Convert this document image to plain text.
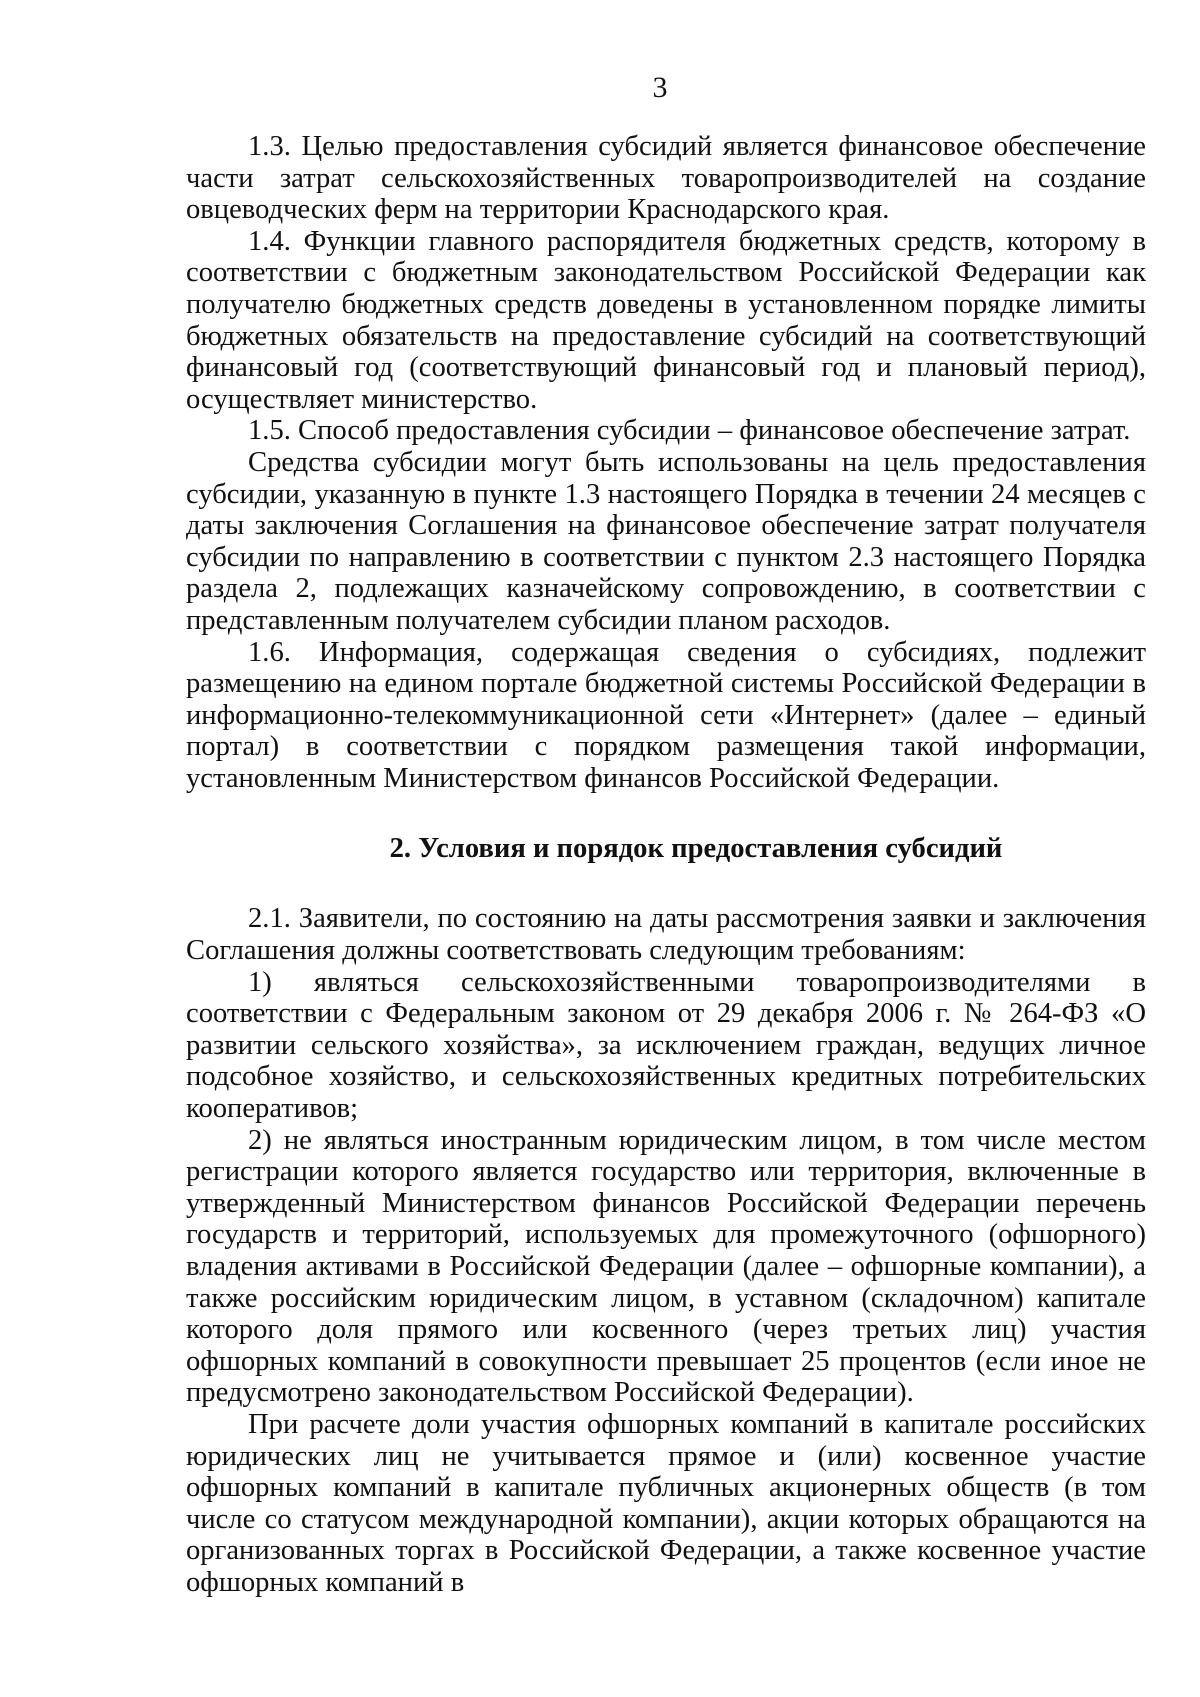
3

1.3. Целью предоставления субсидий является финансовое обеспечение части затрат сельскохозяйственных товаропроизводителей на создание овцеводческих ферм на территории Краснодарского края.

1.4. Функции главного распорядителя бюджетных средств, которому в соответствии с бюджетным законодательством Российской Федерации как получателю бюджетных средств доведены в установленном порядке лимиты бюджетных обязательств на предоставление субсидий на соответствующий финансовый год (соответствующий финансовый год и плановый период), осуществляет министерство.

1.5. Способ предоставления субсидии – финансовое обеспечение затрат.

Средства субсидии могут быть использованы на цель предоставления субсидии, указанную в пункте 1.3 настоящего Порядка в течении 24 месяцев с даты заключения Соглашения на финансовое обеспечение затрат получателя субсидии по направлению в соответствии с пунктом 2.3 настоящего Порядка раздела 2, подлежащих казначейскому сопровождению, в соответствии с представленным получателем субсидии планом расходов.

1.6. Информация, содержащая сведения о субсидиях, подлежит размещению на едином портале бюджетной системы Российской Федерации в информационно-телекоммуникационной сети «Интернет» (далее – единый портал) в соответствии с порядком размещения такой информации, установленным Министерством финансов Российской Федерации.

2. Условия и порядок предоставления субсидий

2.1. Заявители, по состоянию на даты рассмотрения заявки и заключения Соглашения должны соответствовать следующим требованиям:

1) являться сельскохозяйственными товаропроизводителями в соответствии с Федеральным законом от 29 декабря 2006 г. № 264-ФЗ «О развитии сельского хозяйства», за исключением граждан, ведущих личное подсобное хозяйство, и сельскохозяйственных кредитных потребительских кооперативов;

2) не являться иностранным юридическим лицом, в том числе местом регистрации которого является государство или территория, включенные в утвержденный Министерством финансов Российской Федерации перечень государств и территорий, используемых для промежуточного (офшорного) владения активами в Российской Федерации (далее – офшорные компании), а также российским юридическим лицом, в уставном (складочном) капитале которого доля прямого или косвенного (через третьих лиц) участия офшорных компаний в совокупности превышает 25 процентов (если иное не предусмотрено законодательством Российской Федерации).

При расчете доли участия офшорных компаний в капитале российских юридических лиц не учитывается прямое и (или) косвенное участие офшорных компаний в капитале публичных акционерных обществ (в том числе со статусом международной компании), акции которых обращаются на организованных торгах в Российской Федерации, а также косвенное участие офшорных компаний в
